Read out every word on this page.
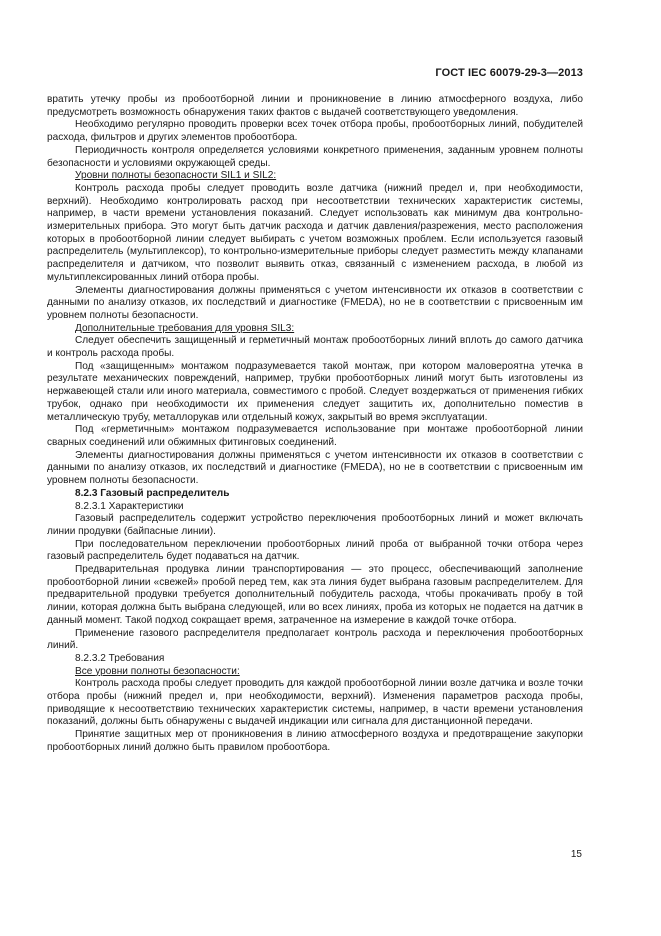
ГОСТ IEC 60079-29-3—2013

вратить утечку пробы из пробоотборной линии и проникновение в линию атмосферного воздуха, либо предусмотреть возможность обнаружения таких фактов с выдачей соответствующего уведомления.

Необходимо регулярно проводить проверки всех точек отбора пробы, пробоотборных линий, побудителей расхода, фильтров и других элементов пробоотбора.

Периодичность контроля определяется условиями конкретного применения, заданным уровнем полноты безопасности и условиями окружающей среды.

Уровни полноты безопасности SIL1 и SIL2:

Контроль расхода пробы следует проводить возле датчика (нижний предел и, при необходимости, верхний). Необходимо контролировать расход при несоответствии технических характеристик системы, например, в части времени установления показаний. Следует использовать как минимум два контрольно-измерительных прибора. Это могут быть датчик расхода и датчик давления/разрежения, место расположения которых в пробоотборной линии следует выбирать с учетом возможных проблем. Если используется газовый распределитель (мультиплексор), то контрольно-измерительные приборы следует разместить между клапанами распределителя и датчиком, что позволит выявить отказ, связанный с изменением расхода, в любой из мультиплексированных линий отбора пробы.

Элементы диагностирования должны применяться с учетом интенсивности их отказов в соответствии с данными по анализу отказов, их последствий и диагностике (FMEDA), но не в соответствии с присвоенным им уровнем полноты безопасности.

Дополнительные требования для уровня SIL3:

Следует обеспечить защищенный и герметичный монтаж пробоотборных линий вплоть до самого датчика и контроль расхода пробы.

Под «защищенным» монтажом подразумевается такой монтаж, при котором маловероятна утечка в результате механических повреждений, например, трубки пробоотборных линий могут быть изготовлены из нержавеющей стали или иного материала, совместимого с пробой. Следует воздержаться от применения гибких трубок, однако при необходимости их применения следует защитить их, дополнительно поместив в металлическую трубу, металлорукав или отдельный кожух, закрытый во время эксплуатации.

Под «герметичным» монтажом подразумевается использование при монтаже пробоотборной линии сварных соединений или обжимных фитинговых соединений.

Элементы диагностирования должны применяться с учетом интенсивности их отказов в соответствии с данными по анализу отказов, их последствий и диагностике (FMEDA), но не в соответствии с присвоенным им уровнем полноты безопасности.

8.2.3 Газовый распределитель

8.2.3.1 Характеристики

Газовый распределитель содержит устройство переключения пробоотборных линий и может включать линии продувки (байпасные линии).

При последовательном переключении пробоотборных линий проба от выбранной точки отбора через газовый распределитель будет подаваться на датчик.

Предварительная продувка линии транспортирования — это процесс, обеспечивающий заполнение пробоотборной линии «свежей» пробой перед тем, как эта линия будет выбрана газовым распределителем. Для предварительной продувки требуется дополнительный побудитель расхода, чтобы прокачивать пробу в той линии, которая должна быть выбрана следующей, или во всех линиях, проба из которых не подается на датчик в данный момент. Такой подход сокращает время, затраченное на измерение в каждой точке отбора.

Применение газового распределителя предполагает контроль расхода и переключения пробоотборных линий.

8.2.3.2 Требования

Все уровни полноты безопасности:

Контроль расхода пробы следует проводить для каждой пробоотборной линии возле датчика и возле точки отбора пробы (нижний предел и, при необходимости, верхний). Изменения параметров расхода пробы, приводящие к несоответствию технических характеристик системы, например, в части времени установления показаний, должны быть обнаружены с выдачей индикации или сигнала для дистанционной передачи.

Принятие защитных мер от проникновения в линию атмосферного воздуха и предотвращение закупорки пробоотборных линий должно быть правилом пробоотбора.

15
